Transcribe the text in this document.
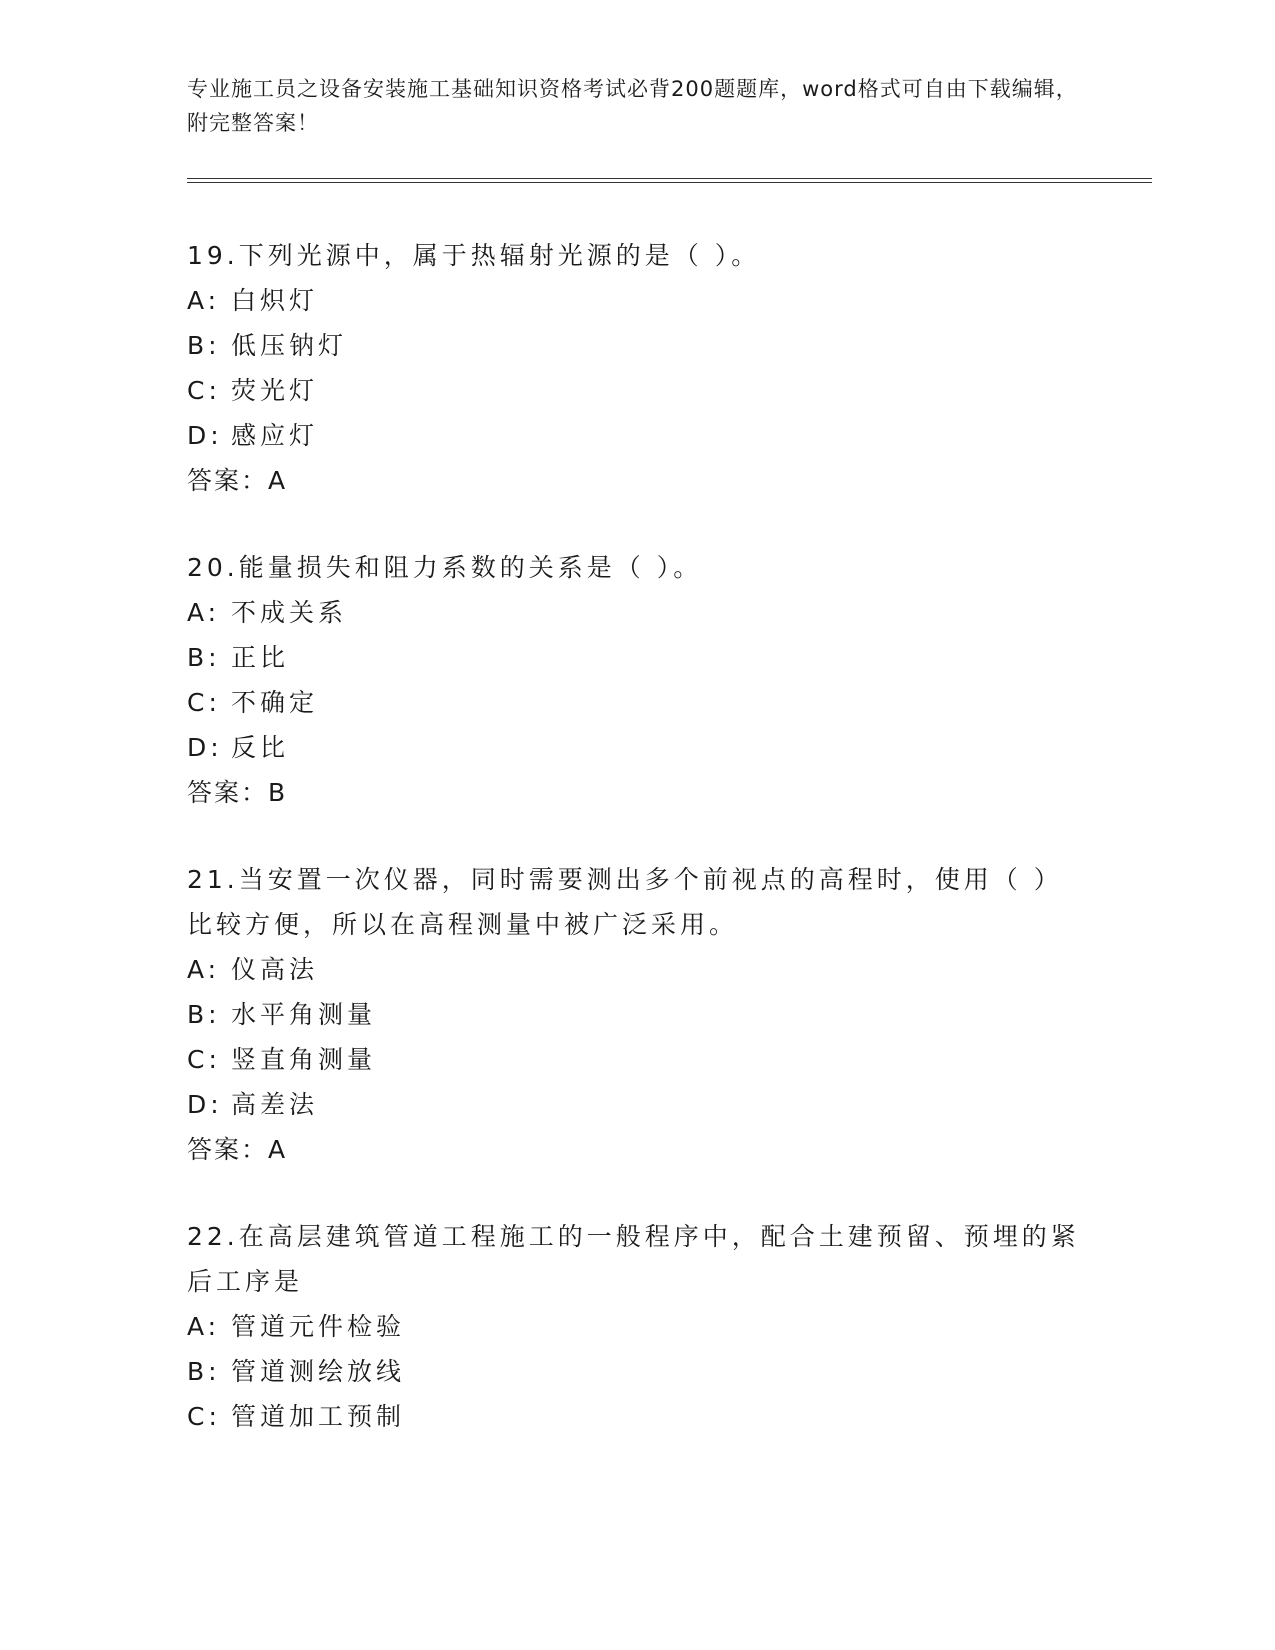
专业施工员之设备安装施工基础知识资格考试必背200题题库，word格式可自由下载编辑，附完整答案！
19.下列光源中，属于热辐射光源的是（ ）。
A: 白炽灯
B: 低压钠灯
C: 荧光灯
D: 感应灯
答案：A
20.能量损失和阻力系数的关系是（ ）。
A: 不成关系
B: 正比
C: 不确定
D: 反比
答案：B
21.当安置一次仪器，同时需要测出多个前视点的高程时，使用（ ）比较方便，所以在高程测量中被广泛采用。
A: 仪高法
B: 水平角测量
C: 竖直角测量
D: 高差法
答案：A
22.在高层建筑管道工程施工的一般程序中，配合土建预留、预埋的紧后工序是
A: 管道元件检验
B: 管道测绘放线
C: 管道加工预制
